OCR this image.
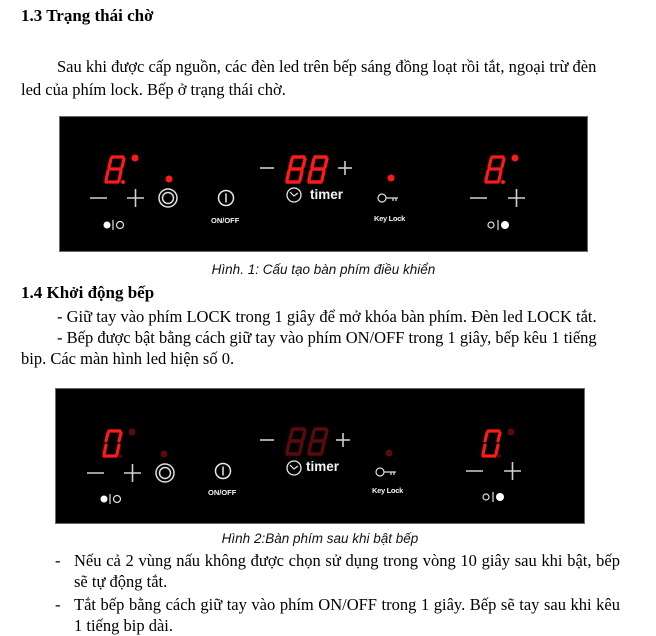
1.3 Trạng thái chờ
Sau khi được cấp nguồn, các đèn led trên bếp sáng đồng loạt rồi tắt, ngoại trừ đèn
led của phím lock. Bếp ở trạng thái chờ.
timer
ON/OFF	Key Lock
Hình. 1: Cấu tạo bàn phím điều khiển
1.4 Khởi động bếp
- Giữ tay vào phím LOCK trong 1 giây để mở khóa bàn phím. Đèn led LOCK tắt.
- Bếp được bật bằng cách giữ tay vào phím ON/OFF trong 1 giây, bếp kêu 1 tiếng
bip. Các màn hình led hiện số 0.
timer
ON/OFF	Key Lock
Hình 2:Bàn phím sau khi bật bếp
- Nếu cả 2 vùng nấu không được chọn sử dụng trong vòng 10 giây sau khi bật, bếp sẽ tự động tắt.
- Tắt bếp bằng cách giữ tay vào phím ON/OFF trong 1 giây. Bếp sẽ tay sau khi kêu 1 tiếng bip dài.
